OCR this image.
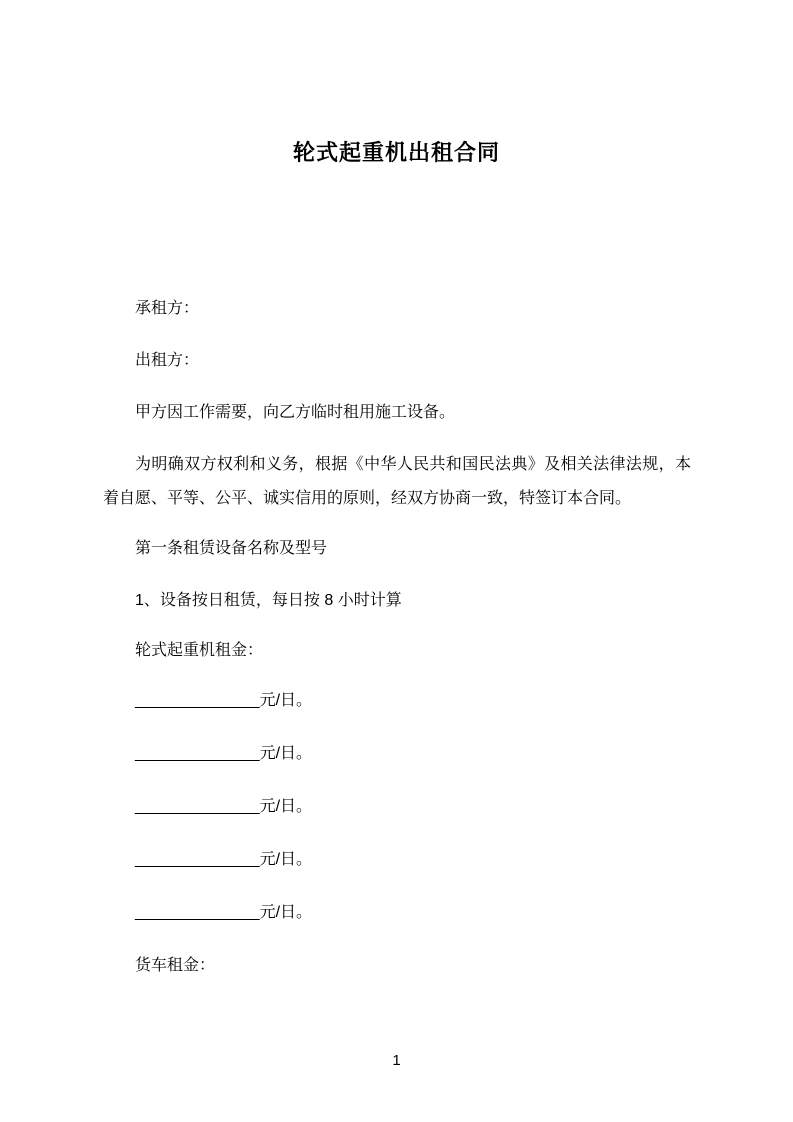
轮式起重机出租合同
承租方：
出租方：
甲方因工作需要，向乙方临时租用施工设备。
为明确双方权利和义务，根据《中华人民共和国民法典》及相关法律法规，本着自愿、平等、公平、诚实信用的原则，经双方协商一致，特签订本合同。
第一条租赁设备名称及型号
1、设备按日租赁，每日按 8 小时计算
轮式起重机租金：
______________元/日。
______________元/日。
______________元/日。
______________元/日。
______________元/日。
货车租金：
1
